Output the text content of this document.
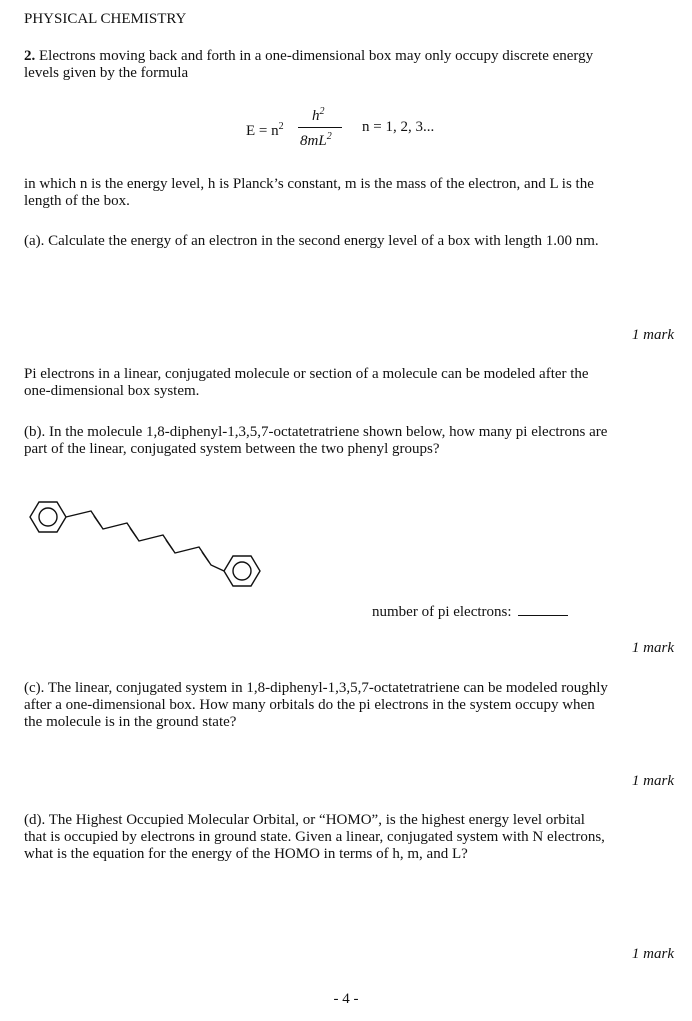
PHYSICAL CHEMISTRY
2. Electrons moving back and forth in a one-dimensional box may only occupy discrete energy
levels given by the formula
$E = n^2$
$h^2$
$8mL^2$
n = 1, 2, 3...
in which n is the energy level, h is Planck’s constant, m is the mass of the electron, and L is the
length of the box.
(a). Calculate the energy of an electron in the second energy level of a box with length 1.00 nm.
1 mark
Pi electrons in a linear, conjugated molecule or section of a molecule can be modeled after the
one-dimensional box system.
(b). In the molecule 1,8-diphenyl-1,3,5,7-octatetratriene shown below, how many pi electrons are
part of the linear, conjugated system between the two phenyl groups?
number of pi electrons:
1 mark
(c). The linear, conjugated system in 1,8-diphenyl-1,3,5,7-octatetratriene can be modeled roughly
after a one-dimensional box. How many orbitals do the pi electrons in the system occupy when
the molecule is in the ground state?
1 mark
(d). The Highest Occupied Molecular Orbital, or “HOMO”, is the highest energy level orbital
that is occupied by electrons in ground state. Given a linear, conjugated system with N electrons,
what is the equation for the energy of the HOMO in terms of h, m, and L?
1 mark
- 4 -
